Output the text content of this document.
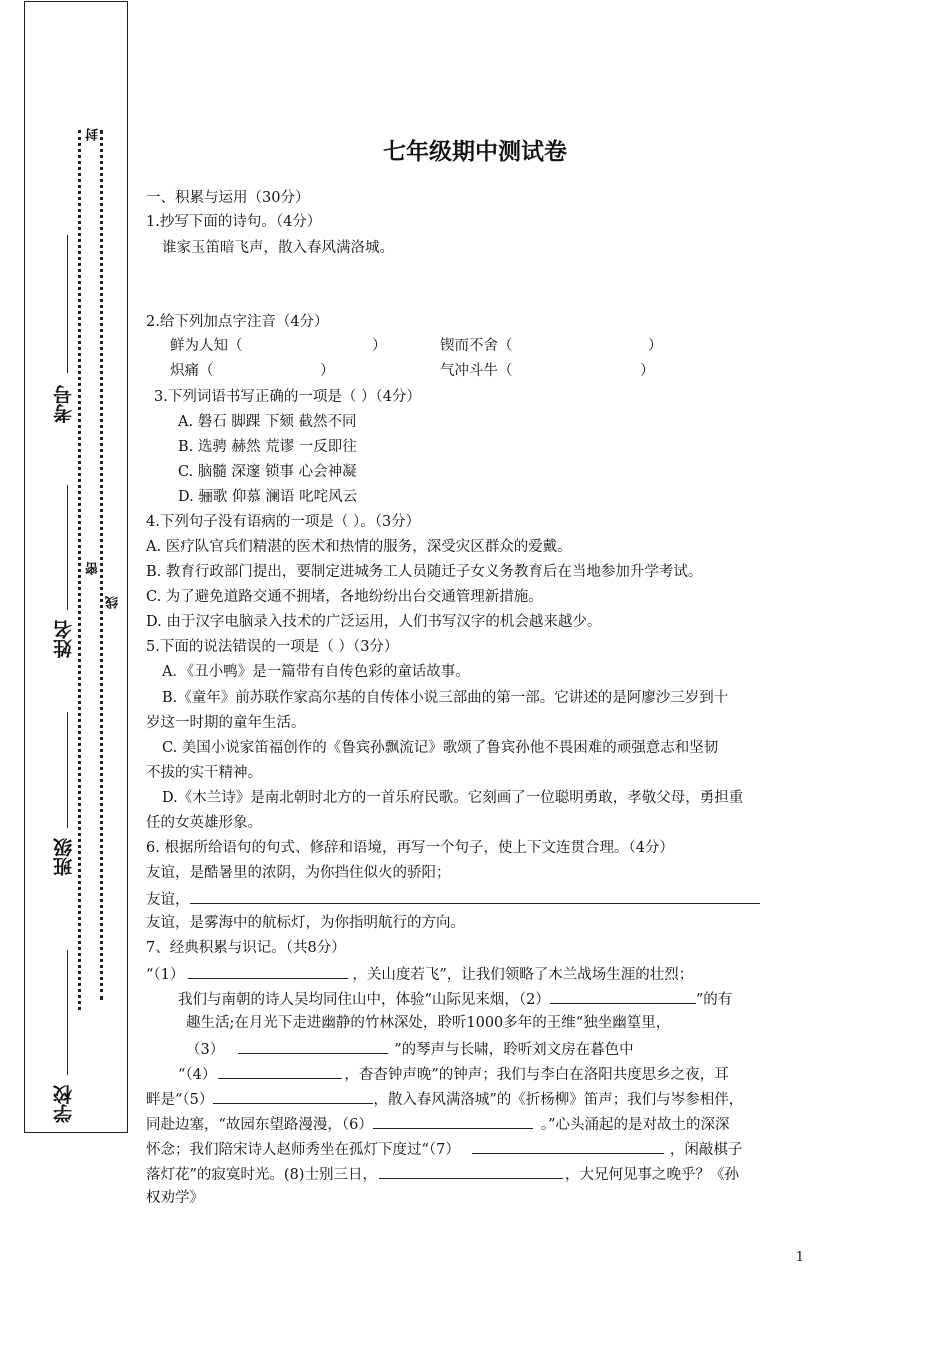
考号
姓名
班级
学校
封
密
线
七年级期中测试卷
一、积累与运用（30分）
1.抄写下面的诗句。（4分）
谁家玉笛暗飞声，散入春风满洛城。
2.给下列加点字注音（4分）
鲜为人知（	）	锲而不舍（	）
炽痛（	）	气冲斗牛（	）
3.下列词语书写正确的一项是（ ）（4分）
A. 磐石 脚踝 下颏 截然不同
B. 选骋 赫然 荒谬 一反即往
C. 脑髓 深邃 锁事 心会神凝
D. 骊歌 仰慕 澜语 叱咤风云
4.下列句子没有语病的一项是（ ）。（3分）
A. 医疗队官兵们精湛的医术和热情的服务，深受灾区群众的爱戴。
B. 教育行政部门提出，要制定进城务工人员随迁子女义务教育后在当地参加升学考试。
C. 为了避免道路交通不拥堵，各地纷纷出台交通管理新措施。
D. 由于汉字电脑录入技术的广泛运用，人们书写汉字的机会越来越少。
5.下面的说法错误的一项是（ ）（3分）
A．《丑小鸭》是一篇带有自传色彩的童话故事。
B.《童年》前苏联作家高尔基的自传体小说三部曲的第一部。它讲述的是阿廖沙三岁到十
岁这一时期的童年生活。
C. 美国小说家笛福创作的《鲁宾孙飘流记》歌颂了鲁宾孙他不畏困难的顽强意志和坚韧
不拔的实干精神。
D.《木兰诗》是南北朝时北方的一首乐府民歌。它刻画了一位聪明勇敢，孝敬父母，勇担重
任的女英雄形象。
6. 根据所给语句的句式、修辞和语境，再写一个句子，使上下文连贯合理。（4分）
友谊，是酷暑里的浓阴，为你挡住似火的骄阳；
友谊，
友谊，是雾海中的航标灯，为你指明航行的方向。
7、经典积累与识记。（共8分）
“（1）	，关山度若飞”，让我们领略了木兰战场生涯的壮烈；
我们与南朝的诗人吴均同住山中，体验“山际见来烟，（2）	”的有
趣生活;在月光下走进幽静的竹林深处，聆听1000多年的王维“独坐幽篁里，
（3）	”的琴声与长啸，聆听刘文房在暮色中
“（4）	，杳杳钟声晚”的钟声；我们与李白在洛阳共度思乡之夜，耳
畔是“（5）	，散入春风满洛城”的《折杨柳》笛声；我们与岑参相伴，
同赴边塞，“故园东望路漫漫，（6）	。”心头涌起的是对故土的深深
怀念；我们陪宋诗人赵师秀坐在孤灯下度过“（7）	，闲敲棋子
落灯花”的寂寞时光。(8)士别三日，	，大兄何见事之晚乎？《孙
权劝学》
1
